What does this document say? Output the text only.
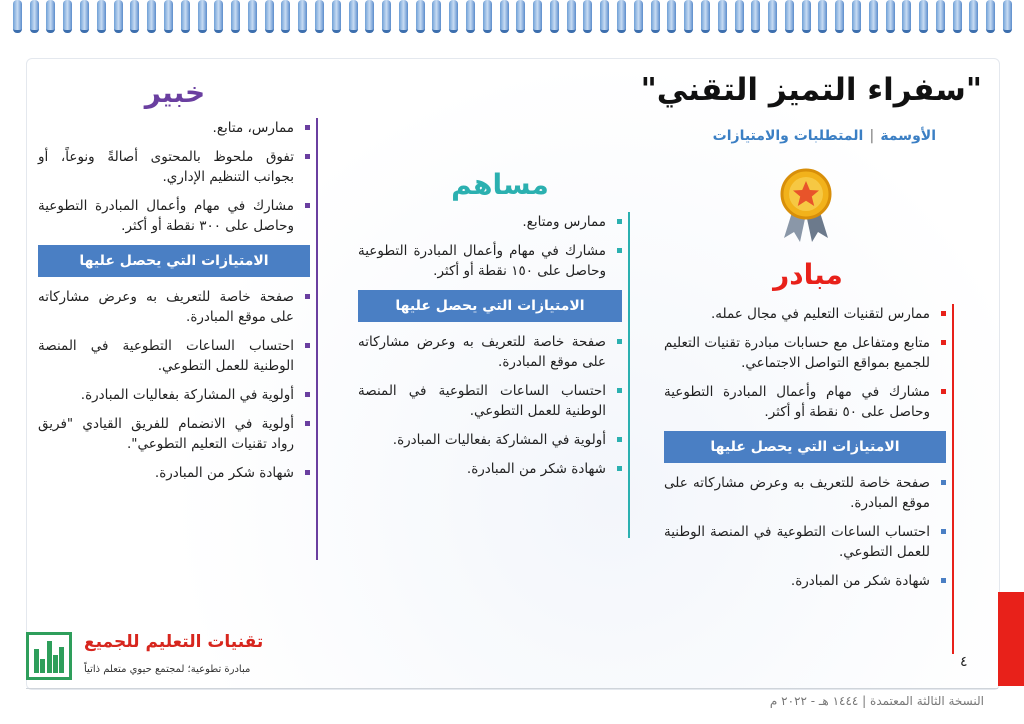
"سفراء التميز التقني"
الأوسمة|المتطلبات والامتيازات
خبير
ممارس، متابع.
تفوق ملحوظ بالمحتوى أصالةً ونوعاً، أو بجوانب التنظيم الإداري.
مشارك في مهام وأعمال المبادرة التطوعية وحاصل على ٣٠٠ نقطة أو أكثر.
الامتيازات التي يحصل عليها
صفحة خاصة للتعريف به وعرض مشاركاته على موقع المبادرة.
احتساب الساعات التطوعية في المنصة الوطنية للعمل التطوعي.
أولوية في المشاركة بفعاليات المبادرة.
أولوية في الانضمام للفريق القيادي "فريق رواد تقنيات التعليم التطوعي".
شهادة شكر من المبادرة.
مساهم
ممارس ومتابع.
مشارك في مهام وأعمال المبادرة التطوعية وحاصل على ١٥٠ نقطة أو أكثر.
الامتيازات التي يحصل عليها
صفحة خاصة للتعريف به وعرض مشاركاته على موقع المبادرة.
احتساب الساعات التطوعية في المنصة الوطنية للعمل التطوعي.
أولوية في المشاركة بفعاليات المبادرة.
شهادة شكر من المبادرة.
مبادر
ممارس لتقنيات التعليم في مجال عمله.
متابع ومتفاعل مع حسابات مبادرة تقنيات التعليم للجميع بمواقع التواصل الاجتماعي.
مشارك في مهام وأعمال المبادرة التطوعية وحاصل على ٥٠ نقطة أو أكثر.
الامتيازات التي يحصل عليها
صفحة خاصة للتعريف به وعرض مشاركاته على موقع المبادرة.
احتساب الساعات التطوعية في المنصة الوطنية للعمل التطوعي.
شهادة شكر من المبادرة.
تقنيات التعليم للجميع
مبادرة تطوعية؛ لمجتمع حيوي متعلم ذاتياً	٤
النسخة الثالثة المعتمدة | ١٤٤٤ هـ - ٢٠٢٢ م
